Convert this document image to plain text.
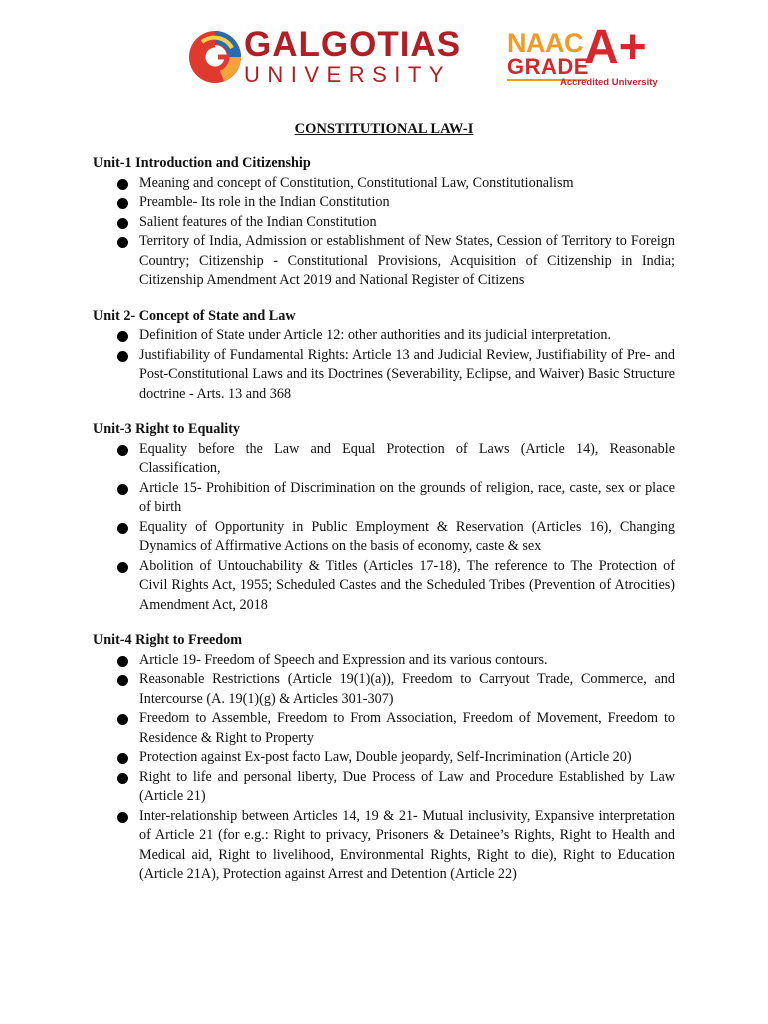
GALGOTIAS
UNIVERSITY
NAAC
GRADE
A+
Accredited University
CONSTITUTIONAL LAW-I
Unit-1 Introduction and Citizenship
Meaning and concept of Constitution, Constitutional Law, Constitutionalism
Preamble- Its role in the Indian Constitution
Salient features of the Indian Constitution
Territory of India, Admission or establishment of New States, Cession of Territory to Foreign Country; Citizenship - Constitutional Provisions, Acquisition of Citizenship in India; Citizenship Amendment Act 2019 and National Register of Citizens
Unit 2- Concept of State and Law
Definition of State under Article 12: other authorities and its judicial interpretation.
Justifiability of Fundamental Rights: Article 13 and Judicial Review, Justifiability of Pre- and Post-Constitutional Laws and its Doctrines (Severability, Eclipse, and Waiver) Basic Structure doctrine - Arts. 13 and 368
Unit-3 Right to Equality
Equality before the Law and Equal Protection of Laws (Article 14), Reasonable Classification,
Article 15- Prohibition of Discrimination on the grounds of religion, race, caste, sex or place of birth
Equality of Opportunity in Public Employment & Reservation (Articles 16), Changing Dynamics of Affirmative Actions on the basis of economy, caste & sex
Abolition of Untouchability & Titles (Articles 17-18), The reference to The Protection of Civil Rights Act, 1955; Scheduled Castes and the Scheduled Tribes (Prevention of Atrocities) Amendment Act, 2018
Unit-4 Right to Freedom
Article 19- Freedom of Speech and Expression and its various contours.
Reasonable Restrictions (Article 19(1)(a)), Freedom to Carryout Trade, Commerce, and Intercourse (A. 19(1)(g) & Articles 301-307)
Freedom to Assemble, Freedom to From Association, Freedom of Movement, Freedom to Residence & Right to Property
Protection against Ex-post facto Law, Double jeopardy, Self-Incrimination (Article 20)
Right to life and personal liberty, Due Process of Law and Procedure Established by Law (Article 21)
Inter-relationship between Articles 14, 19 & 21- Mutual inclusivity, Expansive interpretation of Article 21 (for e.g.: Right to privacy, Prisoners & Detainee’s Rights, Right to Health and Medical aid, Right to livelihood, Environmental Rights, Right to die), Right to Education (Article 21A), Protection against Arrest and Detention (Article 22)
